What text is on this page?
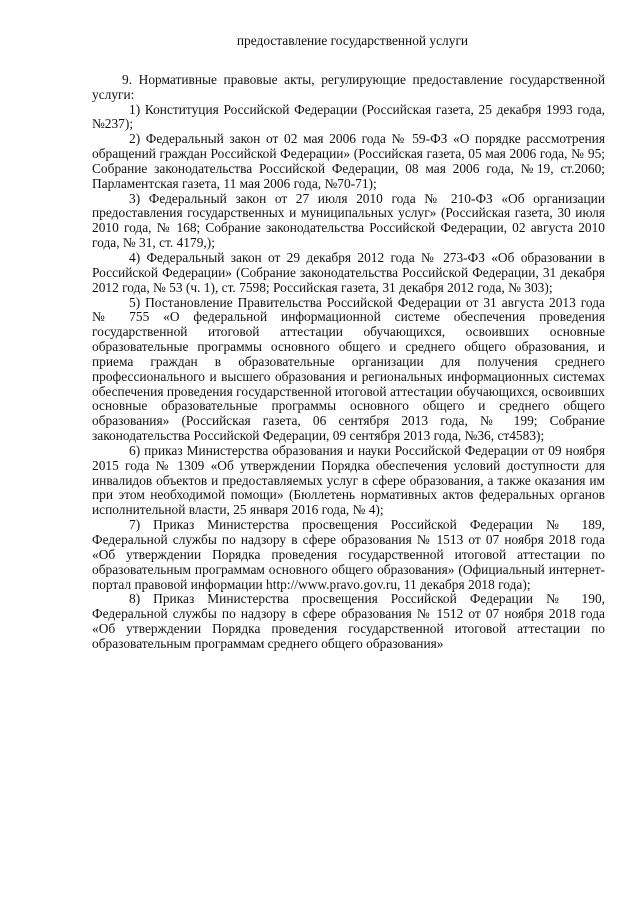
предоставление государственной услуги

9. Нормативные правовые акты, регулирующие предоставление государственной услуги:

1) Конституция Российской Федерации (Российская газета, 25 декабря 1993 года, №237);

2) Федеральный закон от 02 мая 2006 года № 59-ФЗ «О порядке рассмотрения обращений граждан Российской Федерации» (Российская газета, 05 мая 2006 года, № 95; Собрание законодательства Российской Федерации, 08 мая 2006 года, №19, ст.2060; Парламентская газета, 11 мая 2006 года, №70-71);

3) Федеральный закон от 27 июля 2010 года № 210-ФЗ «Об организации предоставления государственных и муниципальных услуг» (Российская газета, 30 июля 2010 года, № 168; Собрание законодательства Российской Федерации, 02 августа 2010 года, № 31, ст. 4179,);

4) Федеральный закон от 29 декабря 2012 года № 273-ФЗ «Об образовании в Российской Федерации» (Собрание законодательства Российской Федерации, 31 декабря 2012 года, № 53 (ч. 1), ст. 7598; Российская газета, 31 декабря 2012 года, № 303);

5) Постановление Правительства Российской Федерации от 31 августа 2013 года № 755 «О федеральной информационной системе обеспечения проведения государственной итоговой аттестации обучающихся, освоивших основные образовательные программы основного общего и среднего общего образования, и приема граждан в образовательные организации для получения среднего профессионального и высшего образования и региональных информационных системах обеспечения проведения государственной итоговой аттестации обучающихся, освоивших основные образовательные программы основного общего и среднего общего образования» (Российская газета, 06 сентября 2013 года, № 199; Собрание законодательства Российской Федерации, 09 сентября 2013 года, №36, ст4583);

6) приказ Министерства образования и науки Российской Федерации от 09 ноября 2015 года № 1309 «Об утверждении Порядка обеспечения условий доступности для инвалидов объектов и предоставляемых услуг в сфере образования, а также оказания им при этом необходимой помощи» (Бюллетень нормативных актов федеральных органов исполнительной власти, 25 января 2016 года, № 4);

7) Приказ Министерства просвещения Российской Федерации № 189, Федеральной службы по надзору в сфере образования № 1513 от 07 ноября 2018 года «Об утверждении Порядка проведения государственной итоговой аттестации по образовательным программам основного общего образования» (Официальный интернет-портал правовой информации http://www.pravo.gov.ru, 11 декабря 2018 года);

8) Приказ Министерства просвещения Российской Федерации № 190, Федеральной службы по надзору в сфере образования № 1512 от 07 ноября 2018 года «Об утверждении Порядка проведения государственной итоговой аттестации по образовательным программам среднего общего образования»
